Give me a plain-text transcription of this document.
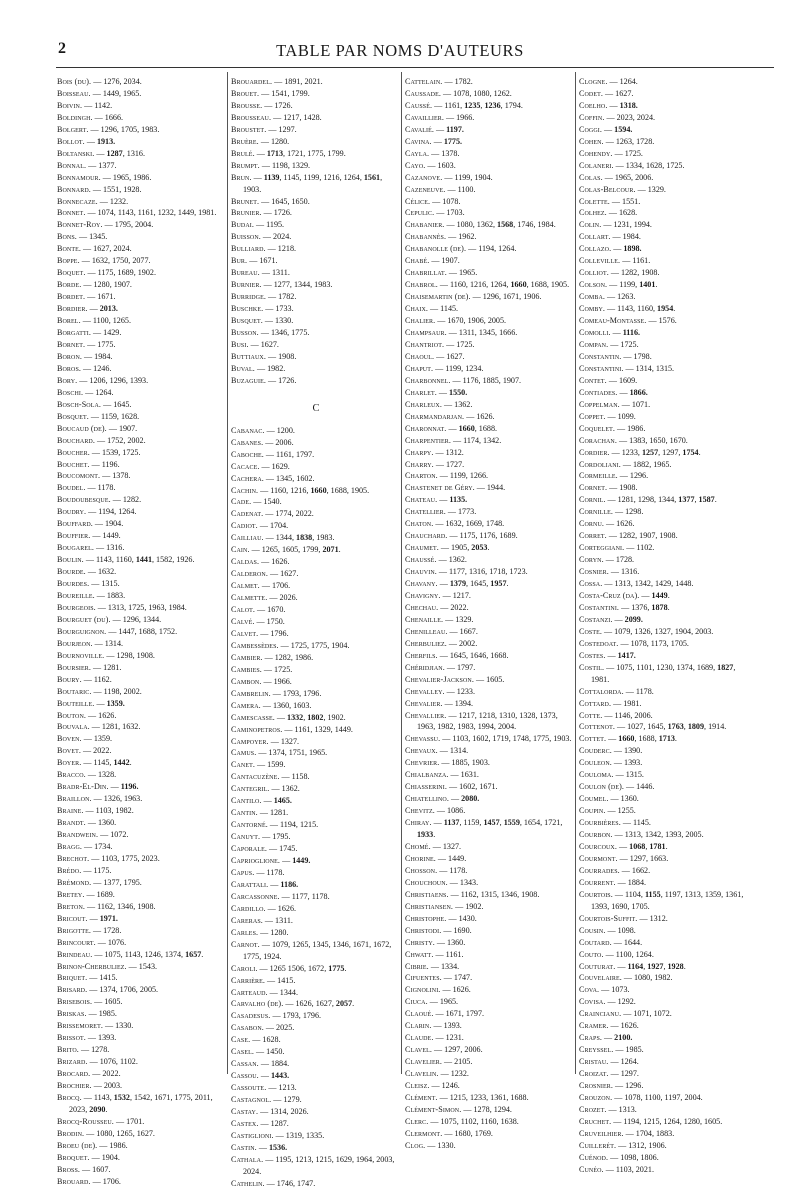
2	TABLE PAR NOMS D'AUTEURS
Bois (du). — 1276, 2034.
Boisseau. — 1449, 1965.
Boivin. — 1142.
Boldingh. — 1666.
Bolgert. — 1296, 1705, 1983.
Bollot. — 1913.
Boltanski. — 1287, 1316.
Bonnal. — 1377.
Bonnamour. — 1965, 1986.
Bonnard. — 1551, 1928.
Bonnecaze. — 1232.
Bonnet. — 1074, 1143, 1161, 1232, 1449, 1981.
Bonnet-Roy. — 1795, 2004.
Bons. — 1345.
Bonte. — 1627, 2024.
Boppe. — 1632, 1750, 2077.
Boquet. — 1175, 1689, 1902.
Borde. — 1280, 1907.
Bordet. — 1671.
Bordier. — 2013.
Borel. — 1100, 1265.
Borgatti. — 1429.
Bornet. — 1775.
Boron. — 1984.
Boros. — 1246.
Bory. — 1206, 1296, 1393.
Boschi. — 1264.
Bosch-Sola. — 1645.
Bosquet. — 1159, 1628.
Boucaud (de). — 1907.
Bouchard. — 1752, 2002.
Boucher. — 1539, 1725.
Bouchet. — 1196.
Boucomont. — 1378.
Boudel. — 1178.
Boudoubesque. — 1282.
Boudry. — 1194, 1264.
Bouffard. — 1904.
Bouffier. — 1449.
Bougarel. — 1316.
Boulin. — 1143, 1160, 1441, 1582, 1926.
Bourde. — 1632.
Bourdes. — 1315.
Boureille. — 1883.
Bourgeois. — 1313, 1725, 1963, 1984.
Bourguet (du). — 1296, 1344.
Bourguignon. — 1447, 1688, 1752.
Bourjeon. — 1314.
Bournoville. — 1298, 1908.
Boursier. — 1281.
Boury. — 1162.
Boutaric. — 1198, 2002.
Bouteille. — 1359.
Bouton. — 1626.
Bouvala. — 1281, 1632.
Boven. — 1359.
Bovet. — 2022.
Boyer. — 1145, 1442.
Bracco. — 1328.
Bradr-El-Din. — 1196.
Braillon. — 1326, 1963.
Braine. — 1103, 1982.
Brandt. — 1360.
Brandwein. — 1072.
Bragg. — 1734.
Brechot. — 1103, 1775, 2023.
Brédo. — 1175.
Brémond. — 1377, 1795.
Bretey. — 1689.
Breton. — 1162, 1346, 1908.
Bricout. — 1971.
Brigotte. — 1728.
Brincourt. — 1076.
Brindeau. — 1075, 1143, 1246, 1374, 1657.
Brinon-Cherbuliez. — 1543.
Briquet. — 1415.
Brisard. — 1374, 1706, 2005.
Brisebois. — 1605.
Briskas. — 1985.
Brissemoret. — 1330.
Brissot. — 1393.
Brito. — 1278.
Brizard. — 1076, 1102.
Brocard. — 2022.
Brochier. — 2003.
Brocq. — 1143, 1532, 1542, 1671, 1775, 2011, 2023, 2090.
Brocq-Rousseu. — 1701.
Brodin. — 1080, 1265, 1627.
Broeu (de). — 1986.
Broquet. — 1904.
Bross. — 1607.
Brouard. — 1706.
Brouardel. — 1891, 2021.
Brouet. — 1541, 1799.
Brousse. — 1726.
Brousseau. — 1217, 1428.
Broustet. — 1297.
Bruère. — 1280.
Brulé. — 1713, 1721, 1775, 1799.
Brumpt. — 1198, 1329.
Brun. — 1139, 1145, 1199, 1216, 1264, 1561, 1903.
Brunet. — 1645, 1650.
Brunier. — 1726.
Budai. — 1195.
Buisson. — 2024.
Bulliard. — 1218.
Bur. — 1671.
Bureau. — 1311.
Burnier. — 1277, 1344, 1983.
Burridge. — 1782.
Buschke. — 1733.
Busquet. — 1330.
Busson. — 1346, 1775.
Busi. — 1627.
Buttiaux. — 1908.
Buval. — 1982.
Buzaguie. — 1726.
C
Cabanac. — 1200.
Cabanes. — 2006.
Caboche. — 1161, 1797.
Cacace. — 1629.
Cachera. — 1345, 1602.
Cachin. — 1160, 1216, 1660, 1688, 1905.
Cade. — 1540.
Cadenat. — 1774, 2022.
Cadiot. — 1704.
Cailliau. — 1344, 1838, 1983.
Cain. — 1265, 1605, 1799, 2071.
Caldas. — 1626.
Calderon. — 1627.
Calmet. — 1706.
Calmette. — 2026.
Calot. — 1670.
Calvé. — 1750.
Calvet. — 1796.
Cambessèdes. — 1725, 1775, 1904.
Cambier. — 1282, 1986.
Cambies. — 1725.
Cambon. — 1966.
Cambrelin. — 1793, 1796.
Camera. — 1360, 1603.
Camescasse. — 1332, 1802, 1902.
Caminopetros. — 1161, 1329, 1449.
Campoyer. — 1327.
Camus. — 1374, 1751, 1965.
Canet. — 1599.
Cantacuzène. — 1158.
Cantegril. — 1362.
Cantilo. — 1465.
Cantin. — 1281.
Cantorné. — 1194, 1215.
Canuyt. — 1795.
Caporale. — 1745.
Caprioglione. — 1449.
Capus. — 1178.
Carattali. — 1186.
Carcassonne. — 1177, 1178.
Cardillo. — 1626.
Careras. — 1311.
Carles. — 1280.
Carnot. — 1079, 1265, 1345, 1346, 1671, 1672, 1775, 1924.
Caroli. — 1265 1506, 1672, 1775.
Carrière. — 1415.
Carteaud. — 1344.
Carvalho (de). — 1626, 1627, 2057.
Casadesus. — 1793, 1796.
Casabon. — 2025.
Case. — 1628.
Casel. — 1450.
Cassan. — 1884.
Cassou. — 1443.
Cassoute. — 1213.
Castagnol. — 1279.
Castay. — 1314, 2026.
Castex. — 1287.
Castiglioni. — 1319, 1335.
Castin. — 1536.
Cathala. — 1195, 1213, 1215, 1629, 1964, 2003, 2024.
Cathelin. — 1746, 1747.
Cattelain. — 1782.
Caussade. — 1078, 1080, 1262.
Caussé. — 1161, 1235, 1236, 1794.
Cavaillier. — 1966.
Cavalié. — 1197.
Cavina. — 1775.
Cayla. — 1378.
Cayo. — 1603.
Cazanove. — 1199, 1904.
Cazeneuve. — 1100.
Célice. — 1078.
Cepulic. — 1703.
Chabanier. — 1080, 1362, 1568, 1746, 1984.
Chabannès. — 1962.
Chabanolle (de). — 1194, 1264.
Chabé. — 1907.
Chabrillat. — 1965.
Chabrol. — 1160, 1216, 1264, 1660, 1688, 1905.
Chaisemartin (de). — 1296, 1671, 1906.
Chaix. — 1145.
Chalier. — 1670, 1906, 2005.
Champsaur. — 1311, 1345, 1666.
Chantriot. — 1725.
Chaoul. — 1627.
Chaput. — 1199, 1234.
Charbonnel. — 1176, 1885, 1907.
Charlet. — 1550.
Charleux. — 1362.
Charmandarjan. — 1626.
Charonnat. — 1660, 1688.
Charpentier. — 1174, 1342.
Charpy. — 1312.
Charry. — 1727.
Charton. — 1199, 1266.
Chastenet de Géry. — 1944.
Chateau. — 1135.
Chatellier. — 1773.
Chaton. — 1632, 1669, 1748.
Chauchard. — 1175, 1176, 1689.
Chaumet. — 1905, 2053.
Chaussé. — 1362.
Chauvin. — 1177, 1316, 1718, 1723.
Chavany. — 1379, 1645, 1957.
Chavigny. — 1217.
Chechau. — 2022.
Chenaille. — 1329.
Chenilleau. — 1667.
Cherbuliez. — 2002.
Cherfils. — 1645, 1646, 1668.
Chéridjian. — 1797.
Chevalier-Jackson. — 1605.
Chevalley. — 1233.
Chevalier. — 1394.
Chevallier. — 1217, 1218, 1310, 1328, 1373, 1963, 1982, 1983, 1994, 2004.
Chevassu. — 1103, 1602, 1719, 1748, 1775, 1903.
Chevaux. — 1314.
Chevrier. — 1885, 1903.
Chialbanza. — 1631.
Chiasserini. — 1602, 1671.
Chiatellino. — 2080.
Chevitz. — 1086.
Chiray. — 1137, 1159, 1457, 1559, 1654, 1721, 1933.
Chomé. — 1327.
Chorine. — 1449.
Chosson. — 1178.
Chouchoun. — 1343.
Christiaens. — 1162, 1315, 1346, 1908.
Christiansen. — 1902.
Christophe. — 1430.
Christodi. — 1690.
Christy. — 1360.
Chwatt. — 1161.
Cibrie. — 1334.
Cifuentes. — 1747.
Cignolini. — 1626.
Ciuca. — 1965.
Claoué. — 1671, 1797.
Clarin. — 1393.
Claude. — 1231.
Clavel. — 1297, 2006.
Clavelier. — 2105.
Clavelin. — 1232.
Cleisz. — 1246.
Clément. — 1215, 1233, 1361, 1688.
Clément-Simon. — 1278, 1294.
Clerc. — 1075, 1102, 1160, 1638.
Clermont. — 1680, 1769.
Clog. — 1330.
Clogne. — 1264.
Codet. — 1627.
Coelho. — 1318.
Coffin. — 2023, 2024.
Coggi. — 1594.
Cohen. — 1263, 1728.
Cohendy. — 1725.
Colaneri. — 1334, 1628, 1725.
Colas. — 1965, 2006.
Colas-Belcour. — 1329.
Colette. — 1551.
Colhez. — 1628.
Colin. — 1231, 1994.
Collart. — 1984.
Collazo. — 1898.
Colleville. — 1161.
Colliot. — 1282, 1908.
Colson. — 1199, 1401.
Comba. — 1263.
Comby. — 1143, 1160, 1954.
Comeau-Montasse. — 1576.
Comolli. — 1116.
Compan. — 1725.
Constantin. — 1798.
Constantini. — 1314, 1315.
Contet. — 1609.
Contiades. — 1866.
Coppelman. — 1071.
Coppet. — 1099.
Coquelet. — 1986.
Corachan. — 1383, 1650, 1670.
Cordier. — 1233, 1257, 1297, 1754.
Cordoliani. — 1882, 1965.
Cormeille. — 1296.
Cornet. — 1908.
Cornil. — 1281, 1298, 1344, 1377, 1587.
Cornille. — 1298.
Cornu. — 1626.
Corret. — 1282, 1907, 1908.
Corteggiani. — 1102.
Coryn. — 1728.
Cosnier. — 1316.
Cossa. — 1313, 1342, 1429, 1448.
Costa-Cruz (da). — 1449.
Costantini. — 1376, 1878.
Costanzi. — 2099.
Coste. — 1079, 1326, 1327, 1904, 2003.
Costedoat. — 1078, 1173, 1705.
Costes. — 1417.
Costil. — 1075, 1101, 1230, 1374, 1689, 1827, 1981.
Cottalorda. — 1178.
Cottard. — 1981.
Cotte. — 1146, 2006.
Cottenot. — 1027, 1645, 1763, 1809, 1914.
Cottet. — 1660, 1688, 1713.
Couderc. — 1390.
Couleon. — 1393.
Couloma. — 1315.
Coulon (de). — 1446.
Coumel. — 1360.
Coupin. — 1255.
Courbières. — 1145.
Courbon. — 1313, 1342, 1393, 2005.
Courcoux. — 1068, 1781.
Courmont. — 1297, 1663.
Courrades. — 1662.
Courrent. — 1884.
Courtois. — 1104, 1155, 1197, 1313, 1359, 1361, 1393, 1690, 1705.
Courtois-Suffit. — 1312.
Cousin. — 1098.
Coutard. — 1644.
Couto. — 1100, 1264.
Couturat. — 1164, 1927, 1928.
Couvelaire. — 1080, 1982.
Cova. — 1073.
Covisa. — 1292.
Craincianu. — 1071, 1072.
Cramer. — 1626.
Craps. — 2100.
Creyssel. — 1985.
Cristau. — 1264.
Croizat. — 1297.
Crosnier. — 1296.
Crouzon. — 1078, 1100, 1197, 2004.
Crozet. — 1313.
Cruchet. — 1194, 1215, 1264, 1280, 1605.
Cruveilhier. — 1704, 1883.
Cuillerét. — 1312, 1906.
Cuénod. — 1098, 1806.
Cunéo. — 1103, 2021.
